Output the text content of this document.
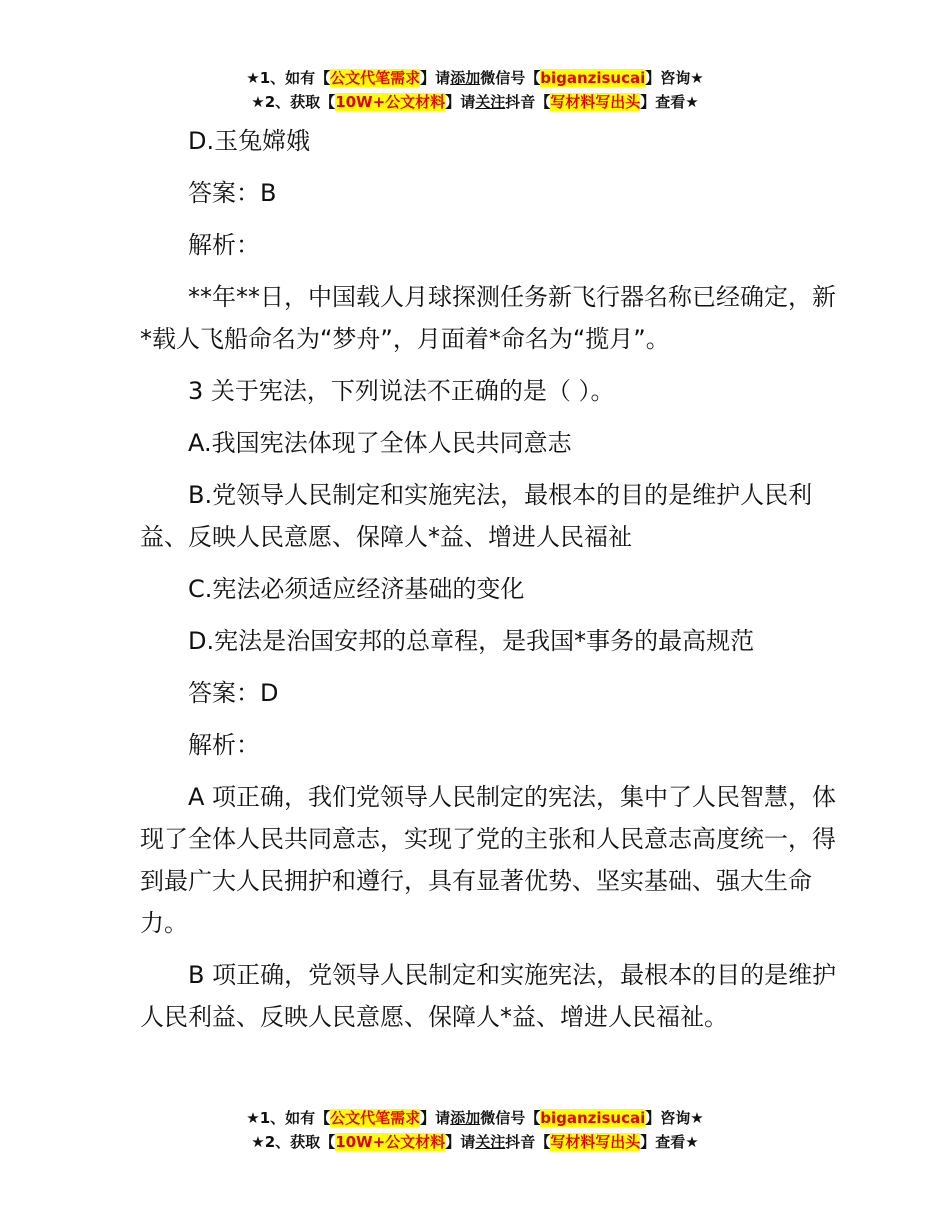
★1、如有【公文代笔需求】请添加微信号【biganzisucai】咨询★
★2、获取【10W+公文材料】请关注抖音【写材料写出头】查看★

D.玉兔嫦娥

答案：B

解析：

**年**日，中国载人月球探测任务新飞行器名称已经确定，新*载人飞船命名为“梦舟”，月面着*命名为“揽月”。

3 关于宪法，下列说法不正确的是（ ）。

A.我国宪法体现了全体人民共同意志

B.党领导人民制定和实施宪法，最根本的目的是维护人民利益、反映人民意愿、保障人*益、增进人民福祉

C.宪法必须适应经济基础的变化

D.宪法是治国安邦的总章程，是我国*事务的最高规范

答案：D

解析：

A 项正确，我们党领导人民制定的宪法，集中了人民智慧，体现了全体人民共同意志，实现了党的主张和人民意志高度统一，得到最广大人民拥护和遵行，具有显著优势、坚实基础、强大生命力。

B 项正确，党领导人民制定和实施宪法，最根本的目的是维护人民利益、反映人民意愿、保障人*益、增进人民福祉。

★1、如有【公文代笔需求】请添加微信号【biganzisucai】咨询★
★2、获取【10W+公文材料】请关注抖音【写材料写出头】查看★
